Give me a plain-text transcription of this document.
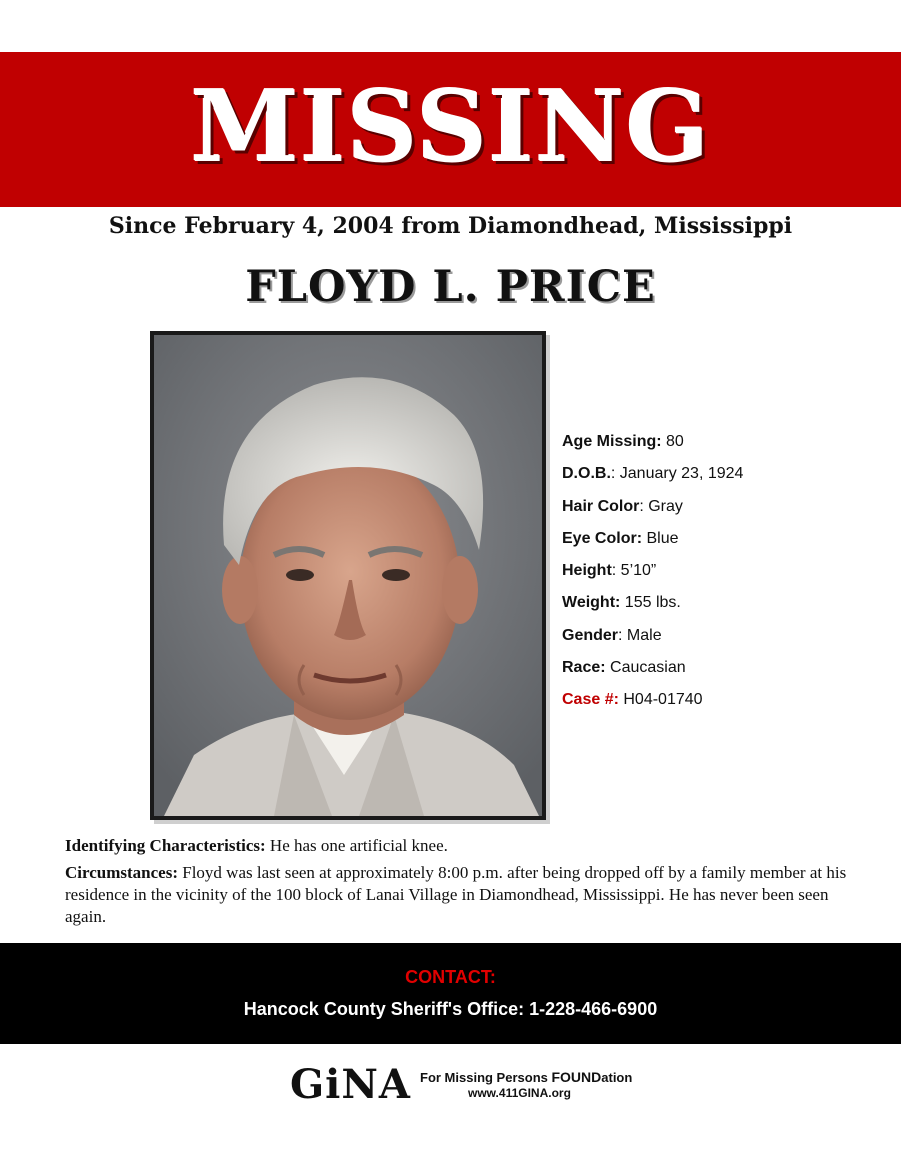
MISSING
Since February 4, 2004 from Diamondhead, Mississippi
FLOYD L. PRICE
Age Missing: 80
D.O.B.: January 23, 1924
Hair Color: Gray
Eye Color: Blue
Height: 5’10”
Weight: 155 lbs.
Gender: Male
Race: Caucasian
Case #: H04-01740
Identifying Characteristics: He has one artificial knee.
Circumstances: Floyd was last seen at approximately 8:00 p.m. after being dropped off by a family member at his residence in the vicinity of the 100 block of Lanai Village in Diamondhead, Mississippi. He has never been seen again.
CONTACT:
Hancock County Sheriff's Office: 1-228-466-6900
GiNA For Missing Persons FOUNDation
www.411GINA.org
